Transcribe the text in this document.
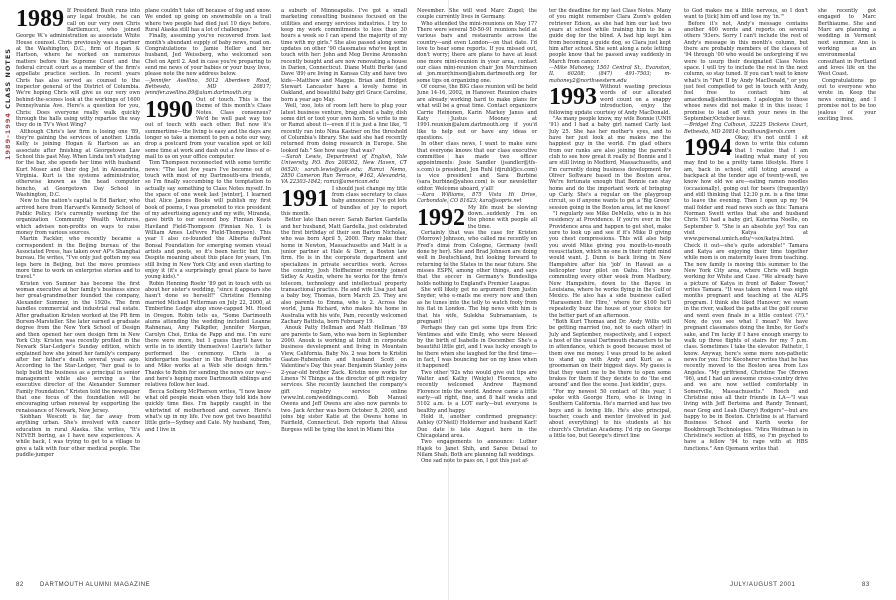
1989-1994 CLASS NOTES
1989 If President Bush runs into any legal trouble, he can call on our very own Chris Bartlemucci, who joined George W.'s administration as associate White House counsel. Chris previously was a partner at the Washington, D.C., firm of Hogan & Hartson, where he worked on numerous matters before the Supreme Court and the federal circuit court as a member of the firm's appellate practice section. In recent years Chris has also served as counsel to the inspector general of the District of Columbia. We're hoping Chris will give us our very own behind-the-scenes look at the workings of 1600 Pennsylvania Ave. Here's a question for you, Chris: Does everyone really walk quickly through the halls using witty repartee the way they do in TV's West Wing?

Although Chris's law firm is losing one '89, they're gaining the services of another. Linda Kelly is joining Hogan & Hartson as an associate after finishing at Georgetown Law School this past May. When Linda isn't studying for the bar, she spends her time with husband Kurt Moser and their dog Jet in Alexandria, Virginia. Kurt is the systems administrator, otherwise known as the head computer honcho, at Georgetown Day School in Washington, D.C.

New to the nation's capital is Ed Barker, who arrived here from Harvard's Kennedy School of Public Policy. He's currently working for the organization Community Wealth Ventures, which advises non-profits on ways to raise money from various sources.

Martin Fackler, who recently became a correspondent in the Beijing bureau of the Associated Press, has taken over AP's Shanghai bureau. He writes, "I've only just gotten my sea legs here in Beijing, but the move promises more time to work on enterprise stories and to travel."

Kristen von Sumner has become the first woman executive at her family's business since her great-grandmother founded the company, Alexander Summer, in the 1920s. The firm handles commercial and industrial real estate. After graduation Kristen worked at the PR firm Burson-Marsteller. She later earned a graduate degree from the New York School of Design and then opened her own design firm in New York City. Kristen was recently profiled in the Newark Star-Ledger's Sunday edition, which explained how she joined her family's company after her father's death several years ago. According to the Star-Ledger, "her goal is to help build the business as a principal in senior management while also serving as the executive director of the Alexander Summer Family Foundation." Kristen told the newspaper that one focus of the foundation will be encouraging urban renewal by supporting the renaissance of Newark, New Jersey.

Siobhan Wescott is far, far away from anything urban. She's involved with cancer education in rural Alaska. She writes, "It's NEVER boring, as I have new experiences. A while back, I was trying to get to a village to give a talk with four other medical people. The puddle-jumper

plane couldn't take off because of fog and snow. We ended up going on snowmobile on a trail where two people had died just 10 days before. Rural Alaska still has a lot of challenges."

Finally, assuming you've recovered from last month's abundant supply of baby news, read on. Congratulations to Jamie Heller and her husband, Jed Weissberg, who welcomed son Chet on April 2. And in case you're preparing to send me news of your babies or your busy lives, please note the new address below.

—Jennifer Avellino, 5012 Aberdeen Road, Bethesda, MD 20817; jennifer.avellino.89@alum.dartmouth.org

1990 Out of touch. This is the theme of this month's Class Notes. Class consensus? We'd be well past way too out of touch with each other. But now it's summertime—the living is easy and the days are longer so take a moment to pen a note our way, drop a postcard from your vacation spot or kill some time at work and dash out a few lines of e-mail to us on your office computer.

Tom Thompson reconnected with some terrific news: "The last few years I've become out of touch with most of my Dartmouth-era friends, so I'm finally succumbing to the temptation to actually say something to Class Notes myself. In the space of one week last [winter], I learned that Alice James Books will publish my first book of poems, I was promoted to vice president of my advertising agency and my wife, Miranda, gave birth to our second boy. Finnian Keats Haviland Field-Thompson (Finnian No. 1 is William Ames LeFevre Field-Thompson). This year I also co-founded the Alberta duPont Bonsal Foundation for emerging women visual artists and poets, so it's been hectic but fun. Despite moaning about this place for years, I'm still living in New York City and even starting to enjoy it (it's a surprisingly great place to have young kids)."

Robin Henning Roehr '89 got in touch with us about her sister's wedding, "since it appears she hasn't done so herself!" Christine Henning married Michael Fetterman on July 22, 2000, at Timberline Lodge atop snow-capped Mt. Hood in Oregon. Robin tells us, "Some Dartmouth alums attending the wedding included Leanne Rahnenau, Amy Falkpfler, Jennifer Morgan, Carolyn Choi, Erika de Papp and me. I'm sure there were more, but I guess they'll have to write in to identify themselves! Laurie's father performed the ceremony. Chris is a kindergarten teacher in the Portland suburbs and Mike works at a Web site design firm." Thanks to Robin for sending the news our way—and here's hoping more Dartmouth siblings and relatives follow her lead.

Becca Solberg McPherson writes, "I now know what old people mean when they told kids how quickly time flies. I'm happily caught in the whirlwind of motherhood and career. Here's what's up in my life. I've now got two beautiful little girls—Sydney and Cate. My husband, Tom, and I live in

a suburb of Minneapolis. I've got a small marketing consulting business focused on the utilities and energy services industries. I try to keep my work commitments to less than 30 hours a week so I can spend the majority of my time with my girls." She also passed along some updates on other '90 classmates who've kept in touch with her: John and Meg Devine Aronsohn recently bought and are now renovating a house in Darien, Connecticut. Diane Mutti Burke (and Dave '89) are living in Kansas City and have two kids—Matthew and Maggie. Brian and Bridget Stewart Lancaster have a lovely home in Oakland, and beautiful baby girl Grace Caroline, born a year ago May.

Well, 'zoo, lots of room left here to plug your latest business venture, brag about a baby, dish some dirt or toot your own horn. So write to me or Ramzi about it—even if it is just a line like, "I recently ran into Nina Kastner on the threshold of Columbia's library. She said she had recently returned from doing research in Europe. She looked fab." See how easy that was?

—Sarah Lewis, Department of English, Yale University, P.O. Box 208302, New Haven, CT 06520; sarah.lewis@yale.edu; Ramzi Nemo, 2850 Cameron Run Terrace, #162, Alexandria, VA 22303-1842; ramzi@american.edu

1991 I should just change my title from class secretary to class baby announcer. I've got lots of bundles of joy to report this month.

Better late than never: Sarah Barton Gardella and her husband, Matt Gardella, just celebrated the first birthday of their son Barton Nicholas, who was born April 5, 2000. They make their home in Newton, Massachusetts and Matt is a junior partner at Hale & Dorr, a Boston law firm. He is in the corporate department and specializes in private securities work. Across the country, Josh Hoffheimer recently joined Sidley & Austin, where he works for the firm's telecom, technology and intellectual property transactional practice. He and wife Lisa just had a baby boy, Thomas, born March 25. They are also parents to Emma, who is 2. Across the world, Juma Richard, who makes his home in Australia with his wife, Pam, recently welcomed Zachary Battista, born February 19.

Anouk Patty Hellman and Matt Hellman '89 are parents to Sam, who was born in September 2000. Anouk is working at Intuit in corporate business development and living in Mountain View, California. Baby No. 2 was born to Kristin Gaatze-Rubenstein and husband Scott on Valentine's Day this year. Benjamin Stanley joins 2-year-old brother Zack. Kristin now works for Linens 'N Things as the director of gift registry services. She recently launched the company's gift registry service online (www.lnt.com/weddings.com). Bob Manuel Owens and Jeff Owens are also now parents to two. Jack Archer was born October 8, 2000, and joins big sister Katie at the Owens home in Fairfield, Connecticut. Deb reports that Alissa Burgess will be tying the knot in Miami this

November. She will wed Marc Zugel; the couple currently lives in Germany.

Who attended the mini-reunions on May 17? There were several 50-50-91 reunions held at various bars and restaurants across the country—and even London—on that date. I'd love to hear some reports. If you missed out, don't worry; there are plans to have at least one more mini-reunion in your area, contact our class mini-reunion chair Jon Murchinson at jon.murchinson@alum.dartmouth.org for some tips on organizing one.

Of course, the BIG class reunion will be held June 14-16, 2002, in Hanover. Reunion chairs are already working hard to make plans for what will be a great time. Contact organizers Carrie Heinonen, Karin Markey Janus and Katy Justus Mooney at 1991.reunion@alum.dartmouth.org if you'd like to help out or have any ideas or questions.

In other class news, I want to make sure that everyone knows that our class executive committee has made two officer appointments: Josie Sandler (jsandler@tfs-s.com) is president, Jon Ruhl (djruhl@cs.com) is vice president and Sara Burbine (sara_burbine@yahoo.com) is our newsletter editor. Welcome aboard, y'all!

—Kara Williams, 875 Vista Hi Drive, Carbondale, CO 81623; kara@sopris.net

1992 My life must be slowing down...suddenly I'm on the phone with people all the time.

Certainly that was the case for Kristen (Morrow) Johnson, who called me recently on Fred's dime from Cologne, Germany (well done by her). She and Brad Johnson are doing well in Deutschland, but looking forward to returning to the States in the near future. She misses ESPN, among other things, and says that the soccer in Germany's Bundesliga holds nothing to England's Premier League.

She will likely get no argument from Justin Snyder, who e-mails me every now and then as he tunes into the telly to watch footy from his flat in London. The big news with him is that his wife, Sulekha Subramaniam, is pregnant!

Perhaps they can get some tips from Eric Ventimes and wife Emily, who were blessed by the birth of Isabelle in December. She's a beautiful little girl, and I was lucky enough to be there when she laughed for the first time—in fact, I was bouncing her on my knee when it happened!

Two other '92s who would give out tips are Walter and Kathy (Weigle) Florence, who recently welcomed Andrew Raymond Florence into the world. Andrew came a little early—all right, fine, and 8 half weeks and 5102 a.m. is a LOT early—but everyone is healthy and happy.

Hold it, another confirmed pregnancy: Ashley (O'Neill) Holderner and husband Karl! Due date is late August here in the Chicagoland area.

Two engagements to announce: Luther Hajek to Janet Shih, and Saree Deisal to Nilam Shah. Both are planning fall weddings.

One sad note to pass on, I got this just af-

ter the deadline for my last Class Notes. Many of you might remember Clara Zunn's golden retriever Edson, as she had him our last two years at school while training him to be a guide dog for the blind. A bad hip kept him from becoming a guide dog, so Clara just kept him after school. She sent along a note letting people know that he passed away suddenly in March from cancer.

—Mike Mahoney, 1501 Central St., Evanston, IL 60208; (847) 491-7503; m-mahoney2@northwestern.edu

1993 Without wasting precious words of our allocated word count on a snappy introduction, enjoy the following update courtesy of Andy MacDonald.

"As many people know, my wife Bonnie (UNH '91) and I had a baby girl named Carly last July 25. She has her mother's eyes, and to have her just look at me makes me the happiest guy in the world. I'm glad others from our ranks are also joining the parent's club to see how great it really is! Bonnie and I are still living in Medford, Massachusetts, and I'm currently doing business development for Oliver Software based in the Boston area. We're fortunate enough that Bonnie can stay home and do the important work of bringing up Carly. She's a regular on the playgroup circuit, so if anyone wants to get a 'Big Green' session going in the Boston area, let me know!

"I regularly see Mike DeMello, who is in his residency at Providence. If you're ever in the Providence area and happen to get shot, make sure to look up and see if it's Mike D giving you chest compressions. This will also help you avoid Mike giving you mouth-to-mouth resuscitation, which no one in their right mind would want. J. Dunn is back living in New Hampshire after his 'job' in Hawaii as a helicopter tour pilot on Oahu. He's now commuting every other week from Madbury, New Hampshire, down to the Bayou in Louisiana, where he works flying in the Gulf of Mexico. He also has a side business called 'Harassment for Hire,' where for $100 he'll repeatedly buzz the house of your choice for the better part of an afternoon.

"Both Kurt Thomas and Dr. Andy Willis will be getting married (no, not to each other) in July and September, respectively, and I expect a host of the usual Dartmouth characters to be in attendance, which is good because most of them owe me money. I was proud to be asked to stand up with Andy and Kurt as a groomsman on their biggest days. My guess is that they want me to be there to open some brakes for them if they decide to do 'the end around' and flee the scene. Just kiddin', guys.

"For my newest 50 contact of this year, I spoke with George Hero, who is living in Southern California. He's married and has two boys and is loving life. He's also principal, teacher, coach and mentor (involved in just about everything) to his students at his church's Christian Academy. I'd rip on George a little too, but George's direct line

to God makes me a little nervous, so I don't want to [tick] him off and lose my 'in.'"

Before it's not, Andy's message contains another 400 words and reports on several others '93ers. Sorry I can't include the rest of Andy's message in this month's column, but there are probably members of the classes of '94 through '00 who would be unforgiving if we were to usurp their designated Class Notes space. I will try to include the rest in the next column, so stay tuned. If you can't wait to know what's in "Part II by Andy MacDonald," or you just feel compelled to get in touch with Andy, feel free to contact him at amacdona@elenthusiasm. I apologize to those whose news did not make it in this issue; I promise to lead off with your news in the September/October issue.

—Bridget Eng Calhoun, 32225 Dickens Court, Bethesda, MD 20814; bcalhoun@erols.com

1994 Okay, it's not until I sit down to write this column that I realize that I am leading what many of you may find to be a pretty tame lifestyle. Here I am, back in school, still toting around a backpack at the tender age of twenty-well, we know how old we are—eating ramen noodles (occasionally), going out for beers (frequently) and still thinking that 12:30 p.m. is a fine time to leave the evening. Then I open up my '94 mail folder and read news such as this: Tamara Norman Swett writes that she and husband Chris '93 had a baby girl, Katerina Noelle, on September 9. "She is an absolute joy! You can visit Katya at www.personal.umich.edu/~sox/katya.html. Check it out—she's quite adorable!" Tamara and Katya are enjoying their time together while mom is on maternity leave from teaching. The new family is moving this summer to the New York City area, where Chris will begin working for White and Case. "We already have a picture of Katya in front of Baker Tower," writes Tamara. "It was taken when I was eight months pregnant and teaching at the ALPS program. I think she liked Hanover; we swam in the river, walked the paths at the golf course and went even finals in a little contest (?!)." Now, do you see what I mean? We have pregnant classmates doing the limbo, for God's sake, and I'm lucky if I have enough energy to walk up three flights of stairs for my 7 p.m. class. Sometimes I take the elevator. Pathetic, I know. Anyway, here's some more non-pathetic news for you: Eric Kocoherer writes that he has recently moved to the Boston area from Los Angeles. "My girlfriend, Christine Tse (Brown '96), and I had an awesome cross-country drive and we are now settled comfortably in Somerville, Massachusetts." Roech and Christine miss all their friends in LA—"I was living with Jeff Bertema and Randy Tennant, near Greg and Leah (Darcy) Rodgers"—but are happy to be in Boston. Christine is at Harvard Business School and Kurth works for Bookbrough Technologies. "Mira Weidman is in Christine's section at HBS, so I'm psyched to have a fellow '94 to rage with at HBS functions." Ann Ojemann writes that

she recently got engaged to Marc Berthiaume. She and Marc are planning a wedding in Vermont next summer. Ann is working as an environmental consultant in Portland and loves life on the West Coast.

Congratulations go out to everyone who wrote in. Keep the news coming, and I promise not to be too jealous of your exciting lives.

82	DARTMOUTH ALUMNI MAGAZINE	JULY/AUGUST 2001	83
